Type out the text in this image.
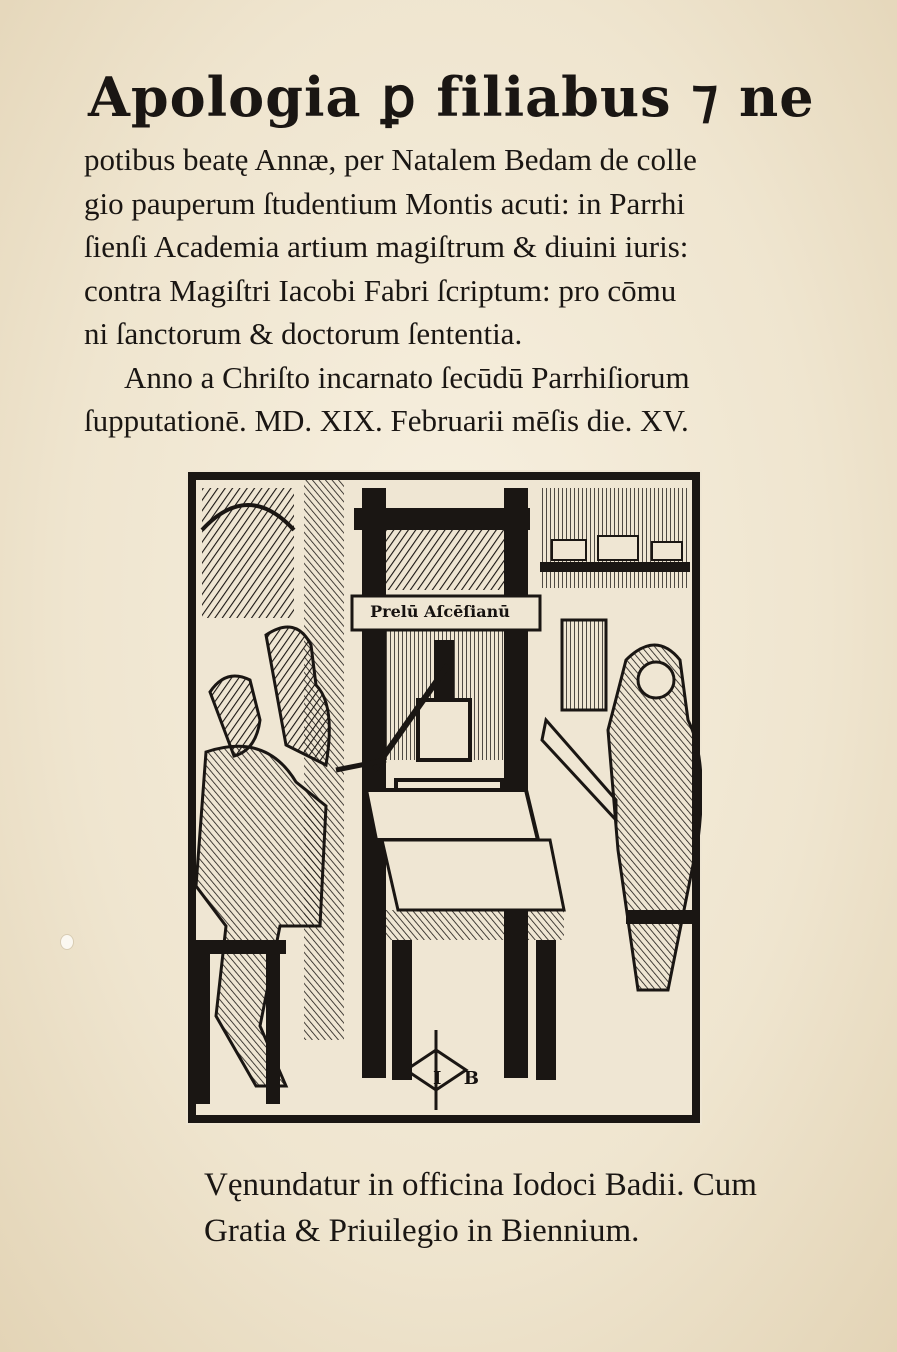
Apologia ꝑ filiabus ⁊ ne
potibus beatę Annæ, per Natalem Bedam de colle
gio pauperum ſtudentium Montis acuti: in Parrhi
ſienſi Academia artium magiſtrum & diuini iuris:
contra Magiſtri Iacobi Fabri ſcriptum: pro cōmu
ni ſanctorum & doctorum ſententia.
Anno a Chriſto incarnato ſecūdū Parrhiſiorum
ſupputationē. MD. XIX. Februarii mēſis die. XV.
Prelū Aſcēſianū
I B
Vęnundatur in officina Iodoci Badii. Cum
Gratia & Priuilegio in Biennium.
